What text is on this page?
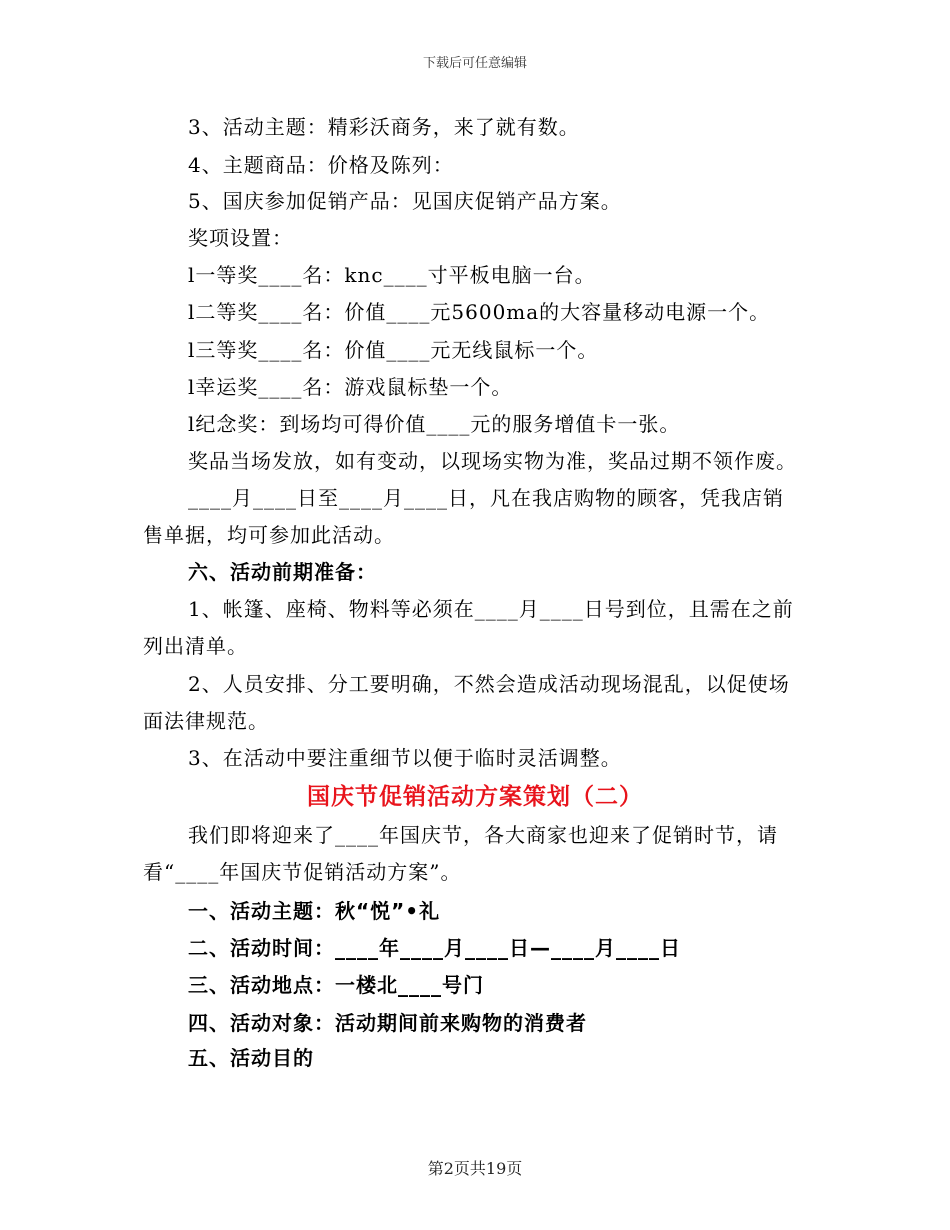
下载后可任意编辑
3、活动主题：精彩沃商务，来了就有数。
4、主题商品：价格及陈列：
5、国庆参加促销产品：见国庆促销产品方案。
奖项设置：
l一等奖____名：knc____寸平板电脑一台。
l二等奖____名：价值____元5600ma的大容量移动电源一个。
l三等奖____名：价值____元无线鼠标一个。
l幸运奖____名：游戏鼠标垫一个。
l纪念奖：到场均可得价值____元的服务增值卡一张。
奖品当场发放，如有变动，以现场实物为准，奖品过期不领作废。
____月____日至____月____日，凡在我店购物的顾客，凭我店销
售单据，均可参加此活动。
六、活动前期准备：
1、帐篷、座椅、物料等必须在____月____日号到位，且需在之前
列出清单。
2、人员安排、分工要明确，不然会造成活动现场混乱，以促使场
面法律规范。
3、在活动中要注重细节以便于临时灵活调整。
国庆节促销活动方案策划（二）
我们即将迎来了____年国庆节，各大商家也迎来了促销时节，请
看“____年国庆节促销活动方案”。
一、活动主题：秋“悦”•礼
二、活动时间：____年____月____日—____月____日
三、活动地点：一楼北____号门
四、活动对象：活动期间前来购物的消费者
五、活动目的
第2页共19页
